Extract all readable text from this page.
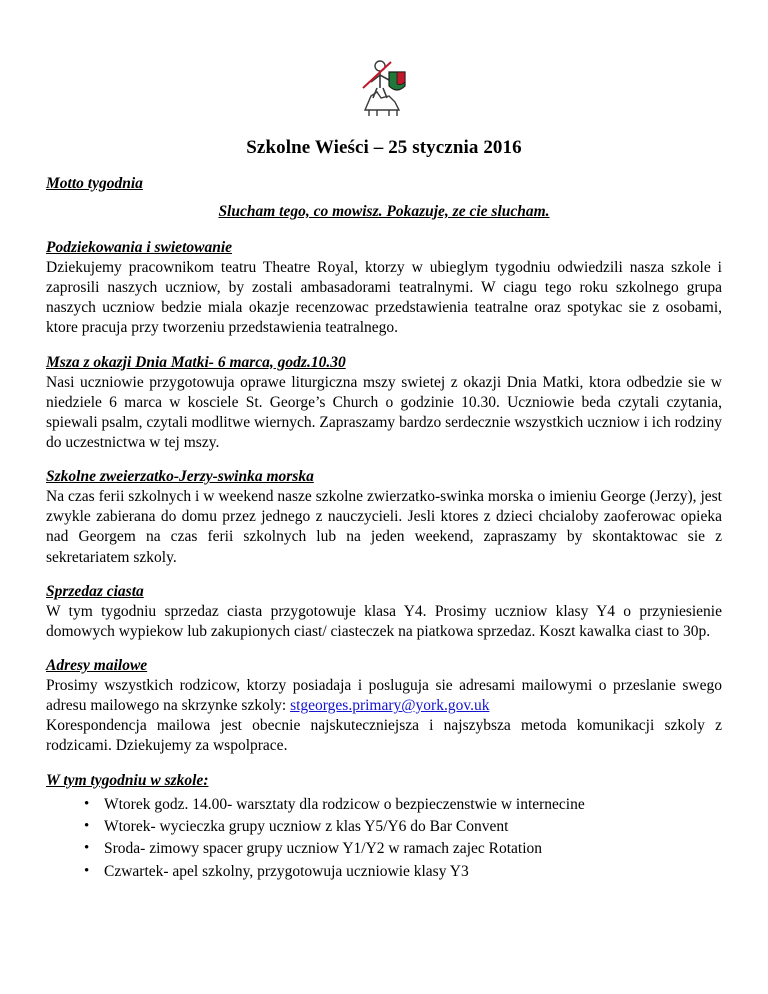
Szkolne Wieści – 25 stycznia 2016
Motto tygodnia
Slucham tego, co mowisz. Pokazuje, ze cie slucham.
Podziekowania i swietowanie

Dziekujemy pracownikom teatru Theatre Royal, ktorzy w ubieglym tygodniu odwiedzili nasza szkole i zaprosili naszych uczniow, by zostali ambasadorami teatralnymi. W ciagu tego roku szkolnego grupa naszych uczniow bedzie miala okazje recenzowac przedstawienia teatralne oraz spotykac sie z osobami, ktore pracuja przy tworzeniu przedstawienia teatralnego.

Msza z okazji Dnia Matki- 6 marca, godz.10.30

Nasi uczniowie przygotowuja oprawe liturgiczna mszy swietej z okazji Dnia Matki, ktora odbedzie sie w niedziele 6 marca w kosciele St. George’s Church o godzinie 10.30. Uczniowie beda czytali czytania, spiewali psalm, czytali modlitwe wiernych. Zapraszamy bardzo serdecznie wszystkich uczniow i ich rodziny do uczestnictwa w tej mszy.

Szkolne zweierzatko-Jerzy-swinka morska

Na czas ferii szkolnych i w weekend nasze szkolne zwierzatko-swinka morska o imieniu George (Jerzy), jest zwykle zabierana do domu przez jednego z nauczycieli. Jesli ktores z dzieci chcialoby zaoferowac opieka nad Georgem na czas ferii szkolnych lub na jeden weekend, zapraszamy by skontaktowac sie z sekretariatem szkoly.

Sprzedaz ciasta

W tym tygodniu sprzedaz ciasta przygotowuje klasa Y4. Prosimy uczniow klasy Y4 o przyniesienie domowych wypiekow lub zakupionych ciast/ ciasteczek na piatkowa sprzedaz. Koszt kawalka ciast to 30p.

Adresy mailowe

Prosimy wszystkich rodzicow, ktorzy posiadaja i posluguja sie adresami mailowymi o przeslanie swego adresu mailowego na skrzynke szkoly: stgeorges.primary@york.gov.uk
Korespondencja mailowa jest obecnie najskuteczniejsza i najszybsza metoda komunikacji szkoly z rodzicami. Dziekujemy za wspolprace.

W tym tygodniu w szkole:
• Wtorek godz. 14.00- warsztaty dla rodzicow o bezpieczenstwie w internecine
• Wtorek- wycieczka grupy uczniow z klas Y5/Y6 do Bar Convent
• Sroda- zimowy spacer grupy uczniow Y1/Y2 w ramach zajec Rotation
• Czwartek- apel szkolny, przygotowuja uczniowie klasy Y3
